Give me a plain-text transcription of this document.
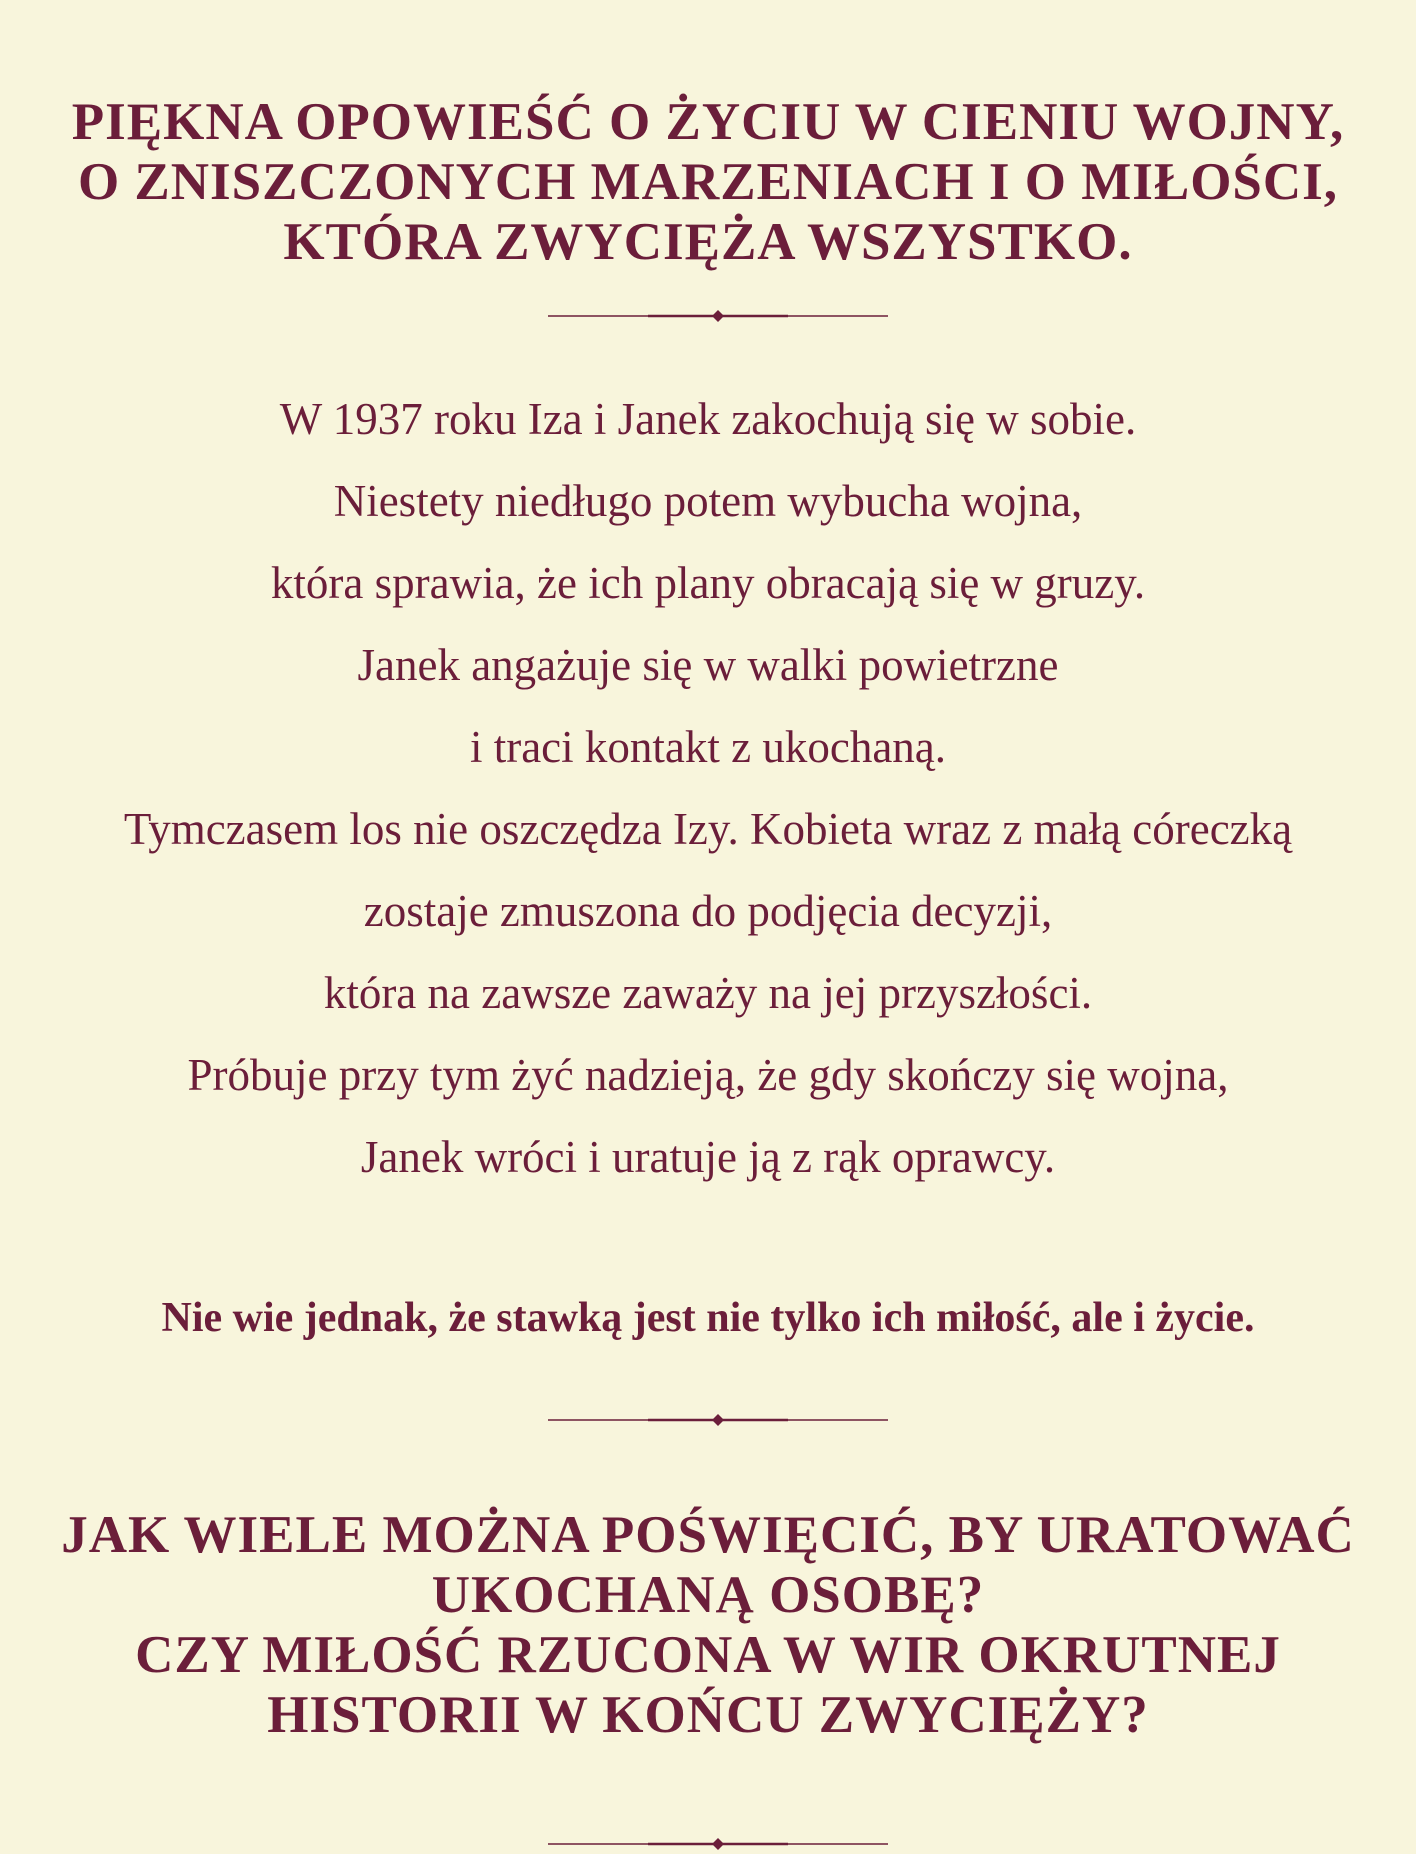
PIĘKNA OPOWIEŚĆ O ŻYCIU W CIENIU WOJNY,
O ZNISZCZONYCH MARZENIACH I O MIŁOŚCI,
KTÓRA ZWYCIĘŻA WSZYSTKO.
W 1937 roku Iza i Janek zakochują się w sobie.
Niestety niedługo potem wybucha wojna,
która sprawia, że ich plany obracają się w gruzy.
Janek angażuje się w walki powietrzne
i traci kontakt z ukochaną.
Tymczasem los nie oszczędza Izy. Kobieta wraz z małą córeczką
zostaje zmuszona do podjęcia decyzji,
która na zawsze zaważy na jej przyszłości.
Próbuje przy tym żyć nadzieją, że gdy skończy się wojna,
Janek wróci i uratuje ją z rąk oprawcy.
Nie wie jednak, że stawką jest nie tylko ich miłość, ale i życie.
JAK WIELE MOŻNA POŚWIĘCIĆ, BY URATOWAĆ
UKOCHANĄ OSOBĘ?
CZY MIŁOŚĆ RZUCONA W WIR OKRUTNEJ
HISTORII W KOŃCU ZWYCIĘŻY?
